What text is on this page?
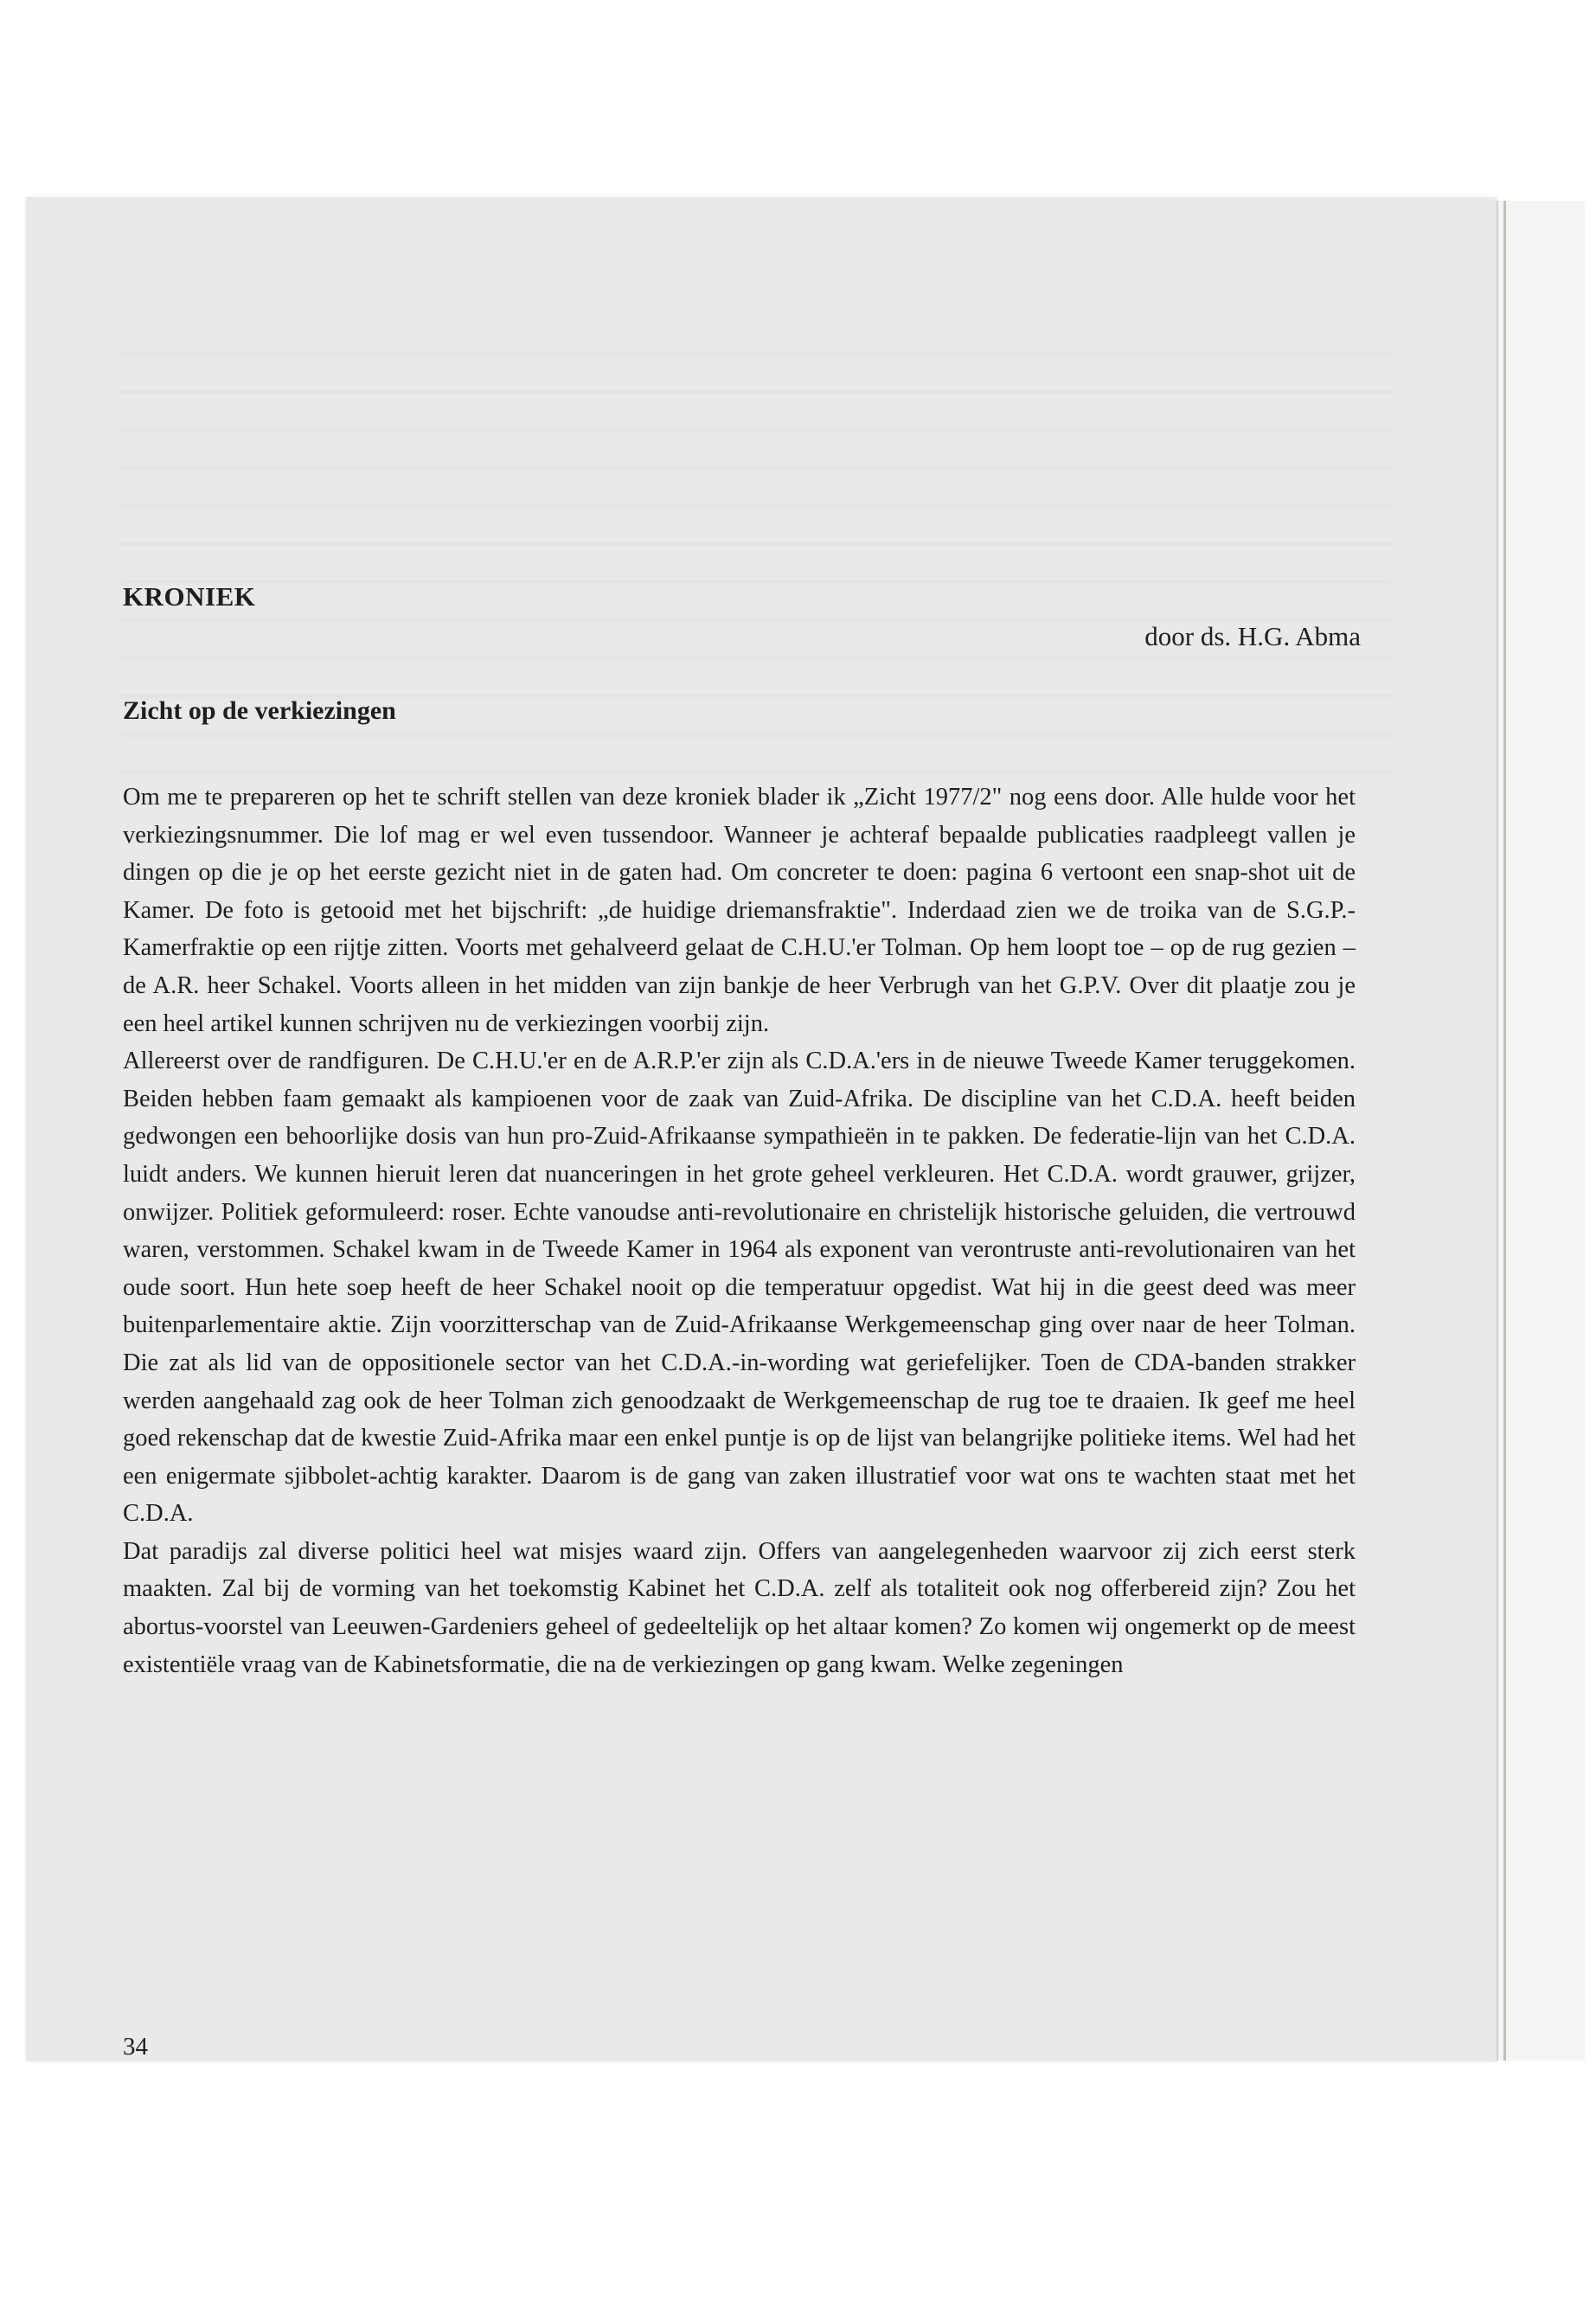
KRONIEK
door ds. H.G. Abma
Zicht op de verkiezingen

Om me te prepareren op het te schrift stellen van deze kroniek blader ik „Zicht 1977/2" nog eens door. Alle hulde voor het verkiezingsnummer. Die lof mag er wel even tussendoor. Wanneer je achteraf bepaalde publicaties raadpleegt vallen je dingen op die je op het eerste gezicht niet in de gaten had. Om concreter te doen: pagina 6 vertoont een snap-shot uit de Kamer. De foto is getooid met het bijschrift: „de huidige driemansfraktie". Inderdaad zien we de troika van de S.G.P.-Kamerfraktie op een rijtje zitten. Voorts met gehalveerd gelaat de C.H.U.'er Tolman. Op hem loopt toe – op de rug gezien – de A.R. heer Schakel. Voorts alleen in het midden van zijn bankje de heer Verbrugh van het G.P.V. Over dit plaatje zou je een heel artikel kunnen schrijven nu de verkiezingen voorbij zijn.

Allereerst over de randfiguren. De C.H.U.'er en de A.R.P.'er zijn als C.D.A.'ers in de nieuwe Tweede Kamer teruggekomen. Beiden hebben faam gemaakt als kampioenen voor de zaak van Zuid-Afrika. De discipline van het C.D.A. heeft beiden gedwongen een behoorlijke dosis van hun pro-Zuid-Afrikaanse sympathieën in te pakken. De federatie-lijn van het C.D.A. luidt anders. We kunnen hieruit leren dat nuanceringen in het grote geheel verkleuren. Het C.D.A. wordt grauwer, grijzer, onwijzer. Politiek geformuleerd: roser. Echte vanoudse anti-revolutionaire en christelijk historische geluiden, die vertrouwd waren, verstommen. Schakel kwam in de Tweede Kamer in 1964 als exponent van verontruste anti-revolutionairen van het oude soort. Hun hete soep heeft de heer Schakel nooit op die temperatuur opgedist. Wat hij in die geest deed was meer buitenparlementaire aktie. Zijn voorzitterschap van de Zuid-Afrikaanse Werkgemeenschap ging over naar de heer Tolman. Die zat als lid van de oppositionele sector van het C.D.A.-in-wording wat geriefelijker. Toen de CDA-banden strakker werden aangehaald zag ook de heer Tolman zich genoodzaakt de Werkgemeenschap de rug toe te draaien. Ik geef me heel goed rekenschap dat de kwestie Zuid-Afrika maar een enkel puntje is op de lijst van belangrijke politieke items. Wel had het een enigermate sjibbolet-achtig karakter. Daarom is de gang van zaken illustratief voor wat ons te wachten staat met het C.D.A.

Dat paradijs zal diverse politici heel wat misjes waard zijn. Offers van aangelegenheden waarvoor zij zich eerst sterk maakten. Zal bij de vorming van het toekomstig Kabinet het C.D.A. zelf als totaliteit ook nog offerbereid zijn? Zou het abortus-voorstel van Leeuwen-Gardeniers geheel of gedeeltelijk op het altaar komen? Zo komen wij ongemerkt op de meest existentiële vraag van de Kabinetsformatie, die na de verkiezingen op gang kwam. Welke zegeningen

34
